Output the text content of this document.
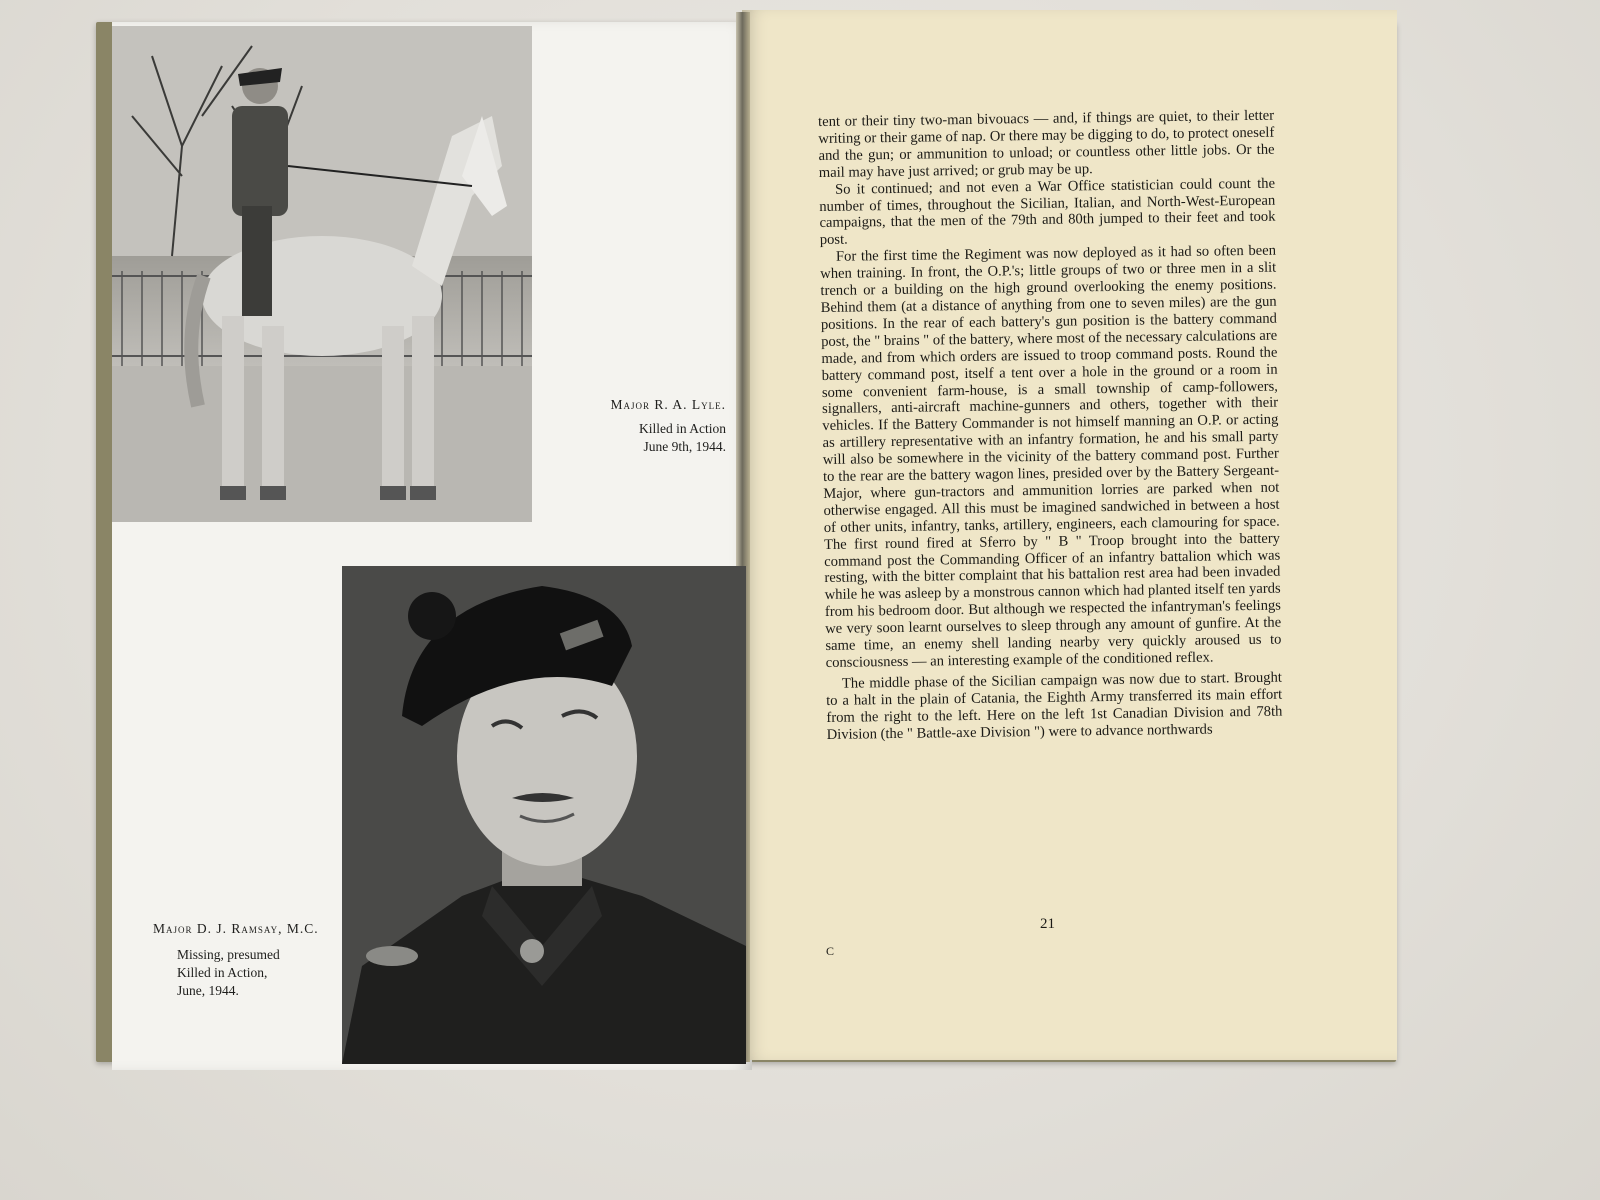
Major R. A. Lyle.
Killed in Action
June 9th, 1944.
Major D. J. Ramsay, M.C.
Missing, presumed
Killed in Action,
June, 1944.

tent or their tiny two-man bivouacs — and, if things are quiet, to their letter writing or their game of nap. Or there may be digging to do, to protect oneself and the gun; or ammunition to unload; or countless other little jobs. Or the mail may have just arrived; or grub may be up.

So it continued; and not even a War Office statistician could count the number of times, throughout the Sicilian, Italian, and North-West-European campaigns, that the men of the 79th and 80th jumped to their feet and took post.

For the first time the Regiment was now deployed as it had so often been when training. In front, the O.P.'s; little groups of two or three men in a slit trench or a building on the high ground overlooking the enemy positions. Behind them (at a distance of anything from one to seven miles) are the gun positions. In the rear of each battery's gun position is the battery command post, the " brains " of the battery, where most of the necessary calculations are made, and from which orders are issued to troop command posts. Round the battery command post, itself a tent over a hole in the ground or a room in some convenient farm-house, is a small township of camp-followers, signallers, anti-aircraft machine-gunners and others, together with their vehicles. If the Battery Commander is not himself manning an O.P. or acting as artillery representative with an infantry formation, he and his small party will also be somewhere in the vicinity of the battery command post. Further to the rear are the battery wagon lines, presided over by the Battery Sergeant-Major, where gun-tractors and ammunition lorries are parked when not otherwise engaged. All this must be imagined sandwiched in between a host of other units, infantry, tanks, artillery, engineers, each clamouring for space. The first round fired at Sferro by " B " Troop brought into the battery command post the Commanding Officer of an infantry battalion which was resting, with the bitter complaint that his battalion rest area had been invaded while he was asleep by a monstrous cannon which had planted itself ten yards from his bedroom door. But although we respected the infantryman's feelings we very soon learnt ourselves to sleep through any amount of gunfire. At the same time, an enemy shell landing nearby very quickly aroused us to consciousness — an interesting example of the conditioned reflex.

The middle phase of the Sicilian campaign was now due to start. Brought to a halt in the plain of Catania, the Eighth Army transferred its main effort from the right to the left. Here on the left 1st Canadian Division and 78th Division (the " Battle-axe Division ") were to advance northwards

21
C
